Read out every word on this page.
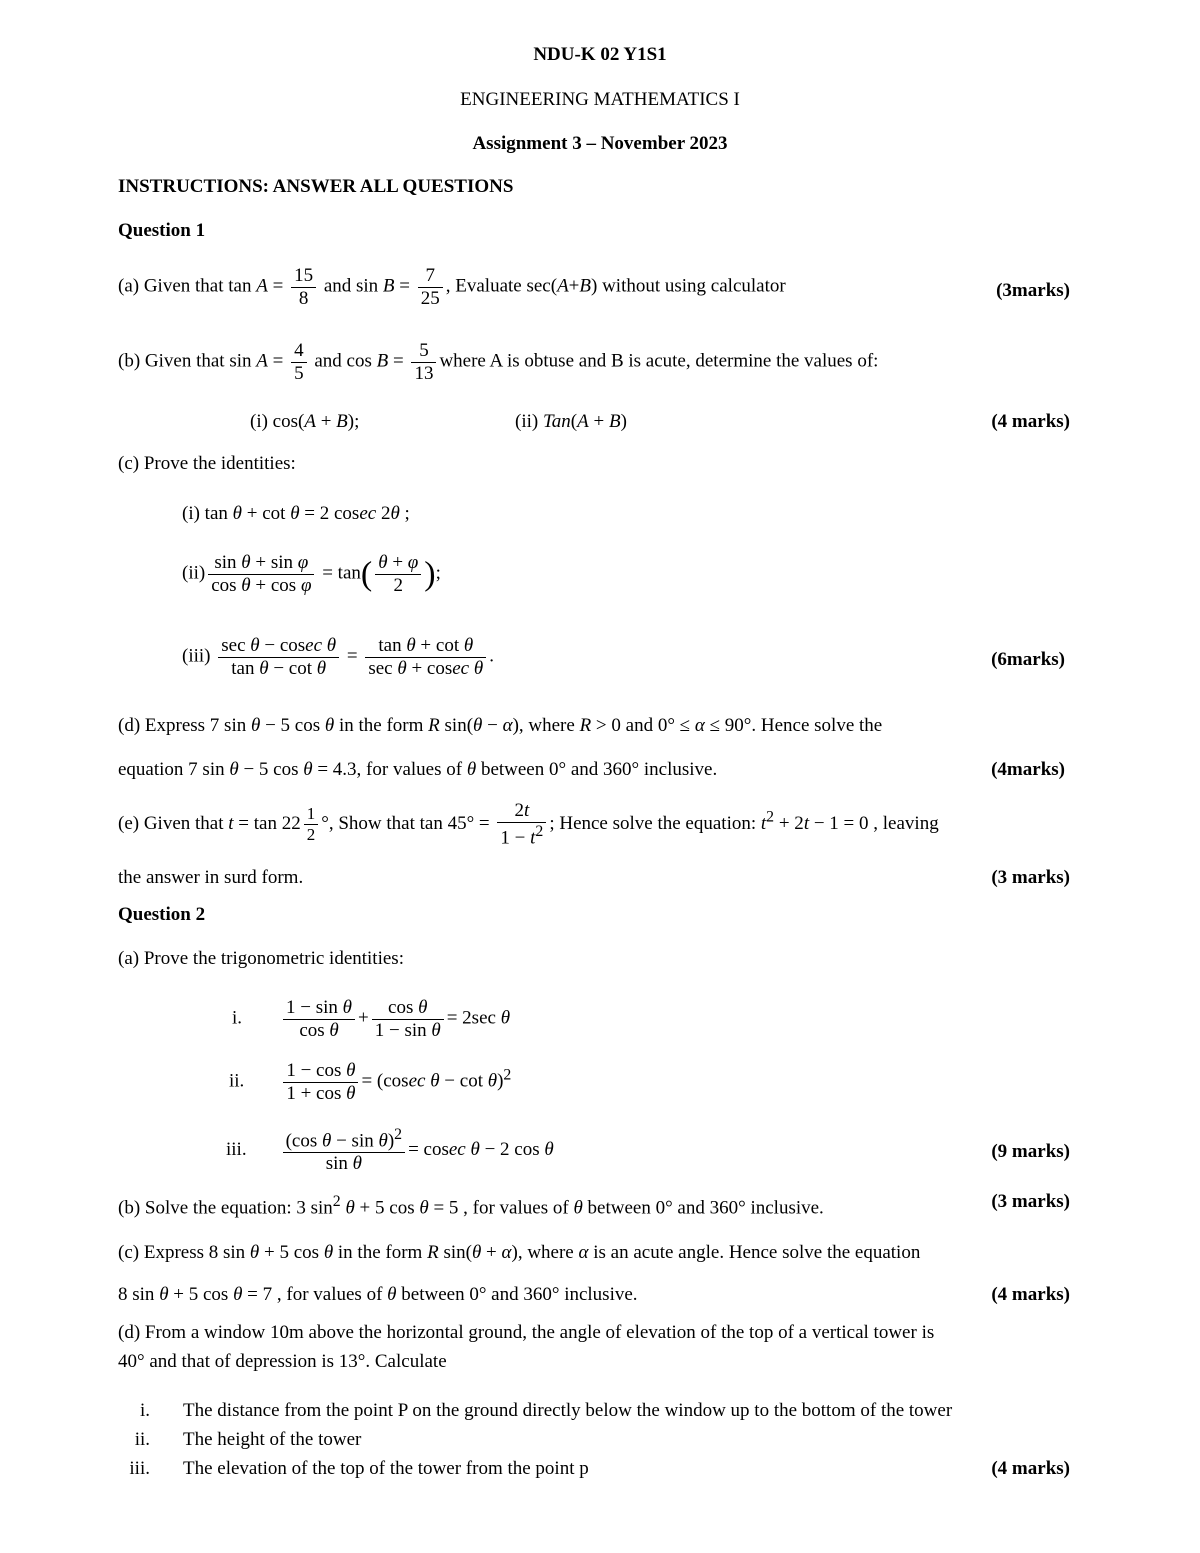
NDU-K 02 Y1S1
ENGINEERING MATHEMATICS I
Assignment 3 – November 2023
INSTRUCTIONS: ANSWER ALL QUESTIONS
Question 1
(a) Given that $\tan A = \frac{15}{8}$ and $\sin B = \frac{7}{25}$ , Evaluate sec(A+B) without using calculator	(3marks)
(b) Given that $\sin A = \frac{4}{5}$ and $\cos B = \frac{5}{13}$ where A is obtuse and B is acute, determine the values of:
(i) cos(A + B);	(ii) Tan(A + B)	(4 marks)
(c) Prove the identities:
(i) tan θ + cot θ = 2 cosec 2θ ;
$(ii) \frac{\text{sin θ + sin φ}}{\text{cos θ + cos φ}} = \tan( \frac{\theta + \varphi}{2}$ );
$(iii) \frac{\text{sec θ − cosec θ}}{\text{tan θ − cot θ}} = \frac{\text{tan θ + cot θ}}{\text{sec θ + cosec θ}}$ .	(6marks)
(d) Express 7 sin θ − 5 cos θ in the form R sin(θ − α), where R > 0 and 0° ≤ α ≤ 90°. Hence solve the
equation 7 sin θ − 5 cos θ = 4.3, for values of θ between 0° and 360° inclusive.	(4marks)
(e) Given that $t = \tan 22 \frac{1}{2}$ °, Show that $\tan 45^\circ = \frac{2t}{1 - t^2}$ ; Hence solve the equation: $t^2 + 2t - 1 = 0$ , leaving
the answer in surd form.	(3 marks)
Question 2
(a) Prove the trigonometric identities:
i. $\frac{\text{1 − sin θ}}{\text{cos θ}} + \frac{\text{cos θ}}{\text{1 − sin θ}} = 2\sec$ θ
ii. $\frac{\text{1 − cos θ}}{\text{1 + cos θ}} = (cosec$ θ − cot θ)$^2$
iii. $\frac{(\cos \theta - \sin \theta)^2}{\text{sin θ}} = cosec$ θ − 2 cos θ	(9 marks)
(b) Solve the equation: 3 $\sin^2 \theta + 5$ cos θ = 5 , for values of θ between 0° and 360° inclusive.	(3 marks)
(c) Express 8 sin θ + 5 cos θ in the form R sin(θ + α), where α is an acute angle. Hence solve the equation
8 sin θ + 5 cos θ = 7 , for values of θ between 0° and 360° inclusive.	(4 marks)
(d) From a window 10m above the horizontal ground, the angle of elevation of the top of a vertical tower is
40° and that of depression is 13°. Calculate
i. The distance from the point P on the ground directly below the window up to the bottom of the tower
ii. The height of the tower
iii. The elevation of the top of the tower from the point p	(4 marks)
